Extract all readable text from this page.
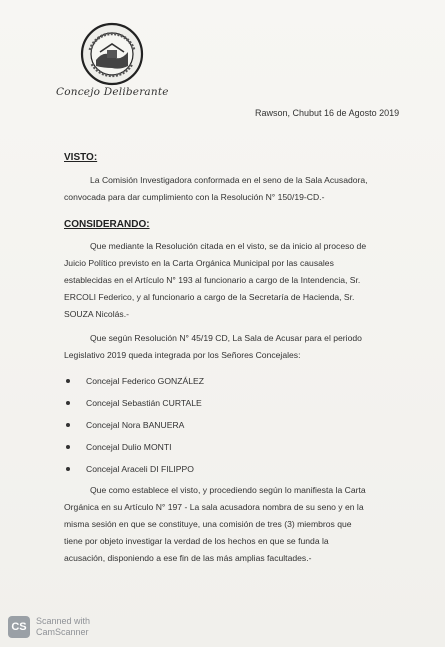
Concejo Deliberante
Rawson, Chubut 16 de Agosto 2019
VISTO:
La Comisión Investigadora conformada en el seno de la Sala Acusadora,
convocada para dar cumplimiento con la Resolución N° 150/19-CD.-
CONSIDERANDO:
Que mediante la Resolución citada en el visto, se da inicio al proceso de
Juicio Político previsto en la Carta Orgánica Municipal por las causales
establecidas en el Artículo N° 193 al funcionario a cargo de la Intendencia, Sr.
ERCOLI Federico, y al funcionario a cargo de la Secretaría de Hacienda, Sr.
SOUZA Nicolás.-
Que según Resolución N° 45/19 CD, La Sala de Acusar para el periodo
Legislativo 2019 queda integrada por los Señores Concejales:
Concejal Federico GONZÁLEZ
Concejal Sebastián CURTALE
Concejal Nora BANUERA
Concejal Dulio MONTI
Concejal Araceli DI FILIPPO
Que como establece el visto, y procediendo según lo manifiesta la Carta
Orgánica en su Artículo N° 197 - La sala acusadora nombra de su seno y en la
misma sesión en que se constituye, una comisión de tres (3) miembros que
tiene por objeto investigar la verdad de los hechos en que se funda la
acusación, disponiendo a ese fin de las más amplias facultades.-
CS	Scanned with
CamScanner
